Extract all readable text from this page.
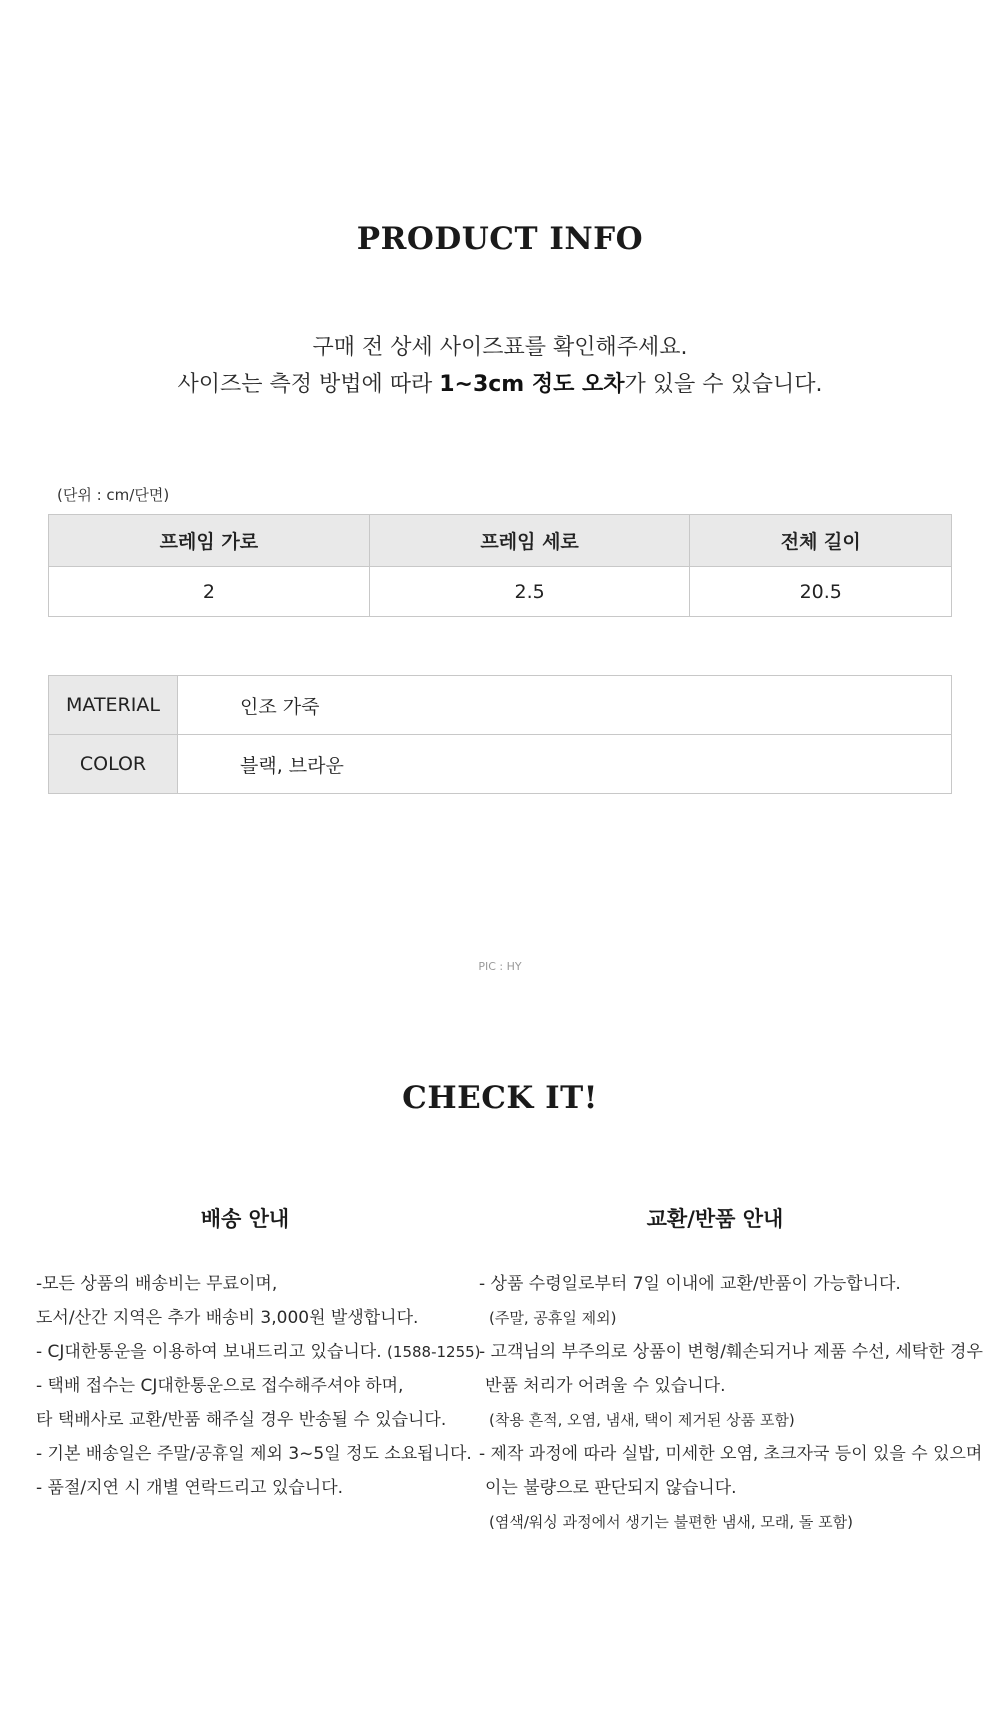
PRODUCT INFO

구매 전 상세 사이즈표를 확인해주세요.

사이즈는 측정 방법에 따라 1~3cm 정도 오차가 있을 수 있습니다.

(단위 : cm/단면)
프레임 가로	프레임 세로	전체 길이
2	2.5	20.5
MATERIAL	인조 가죽
COLOR	블랙, 브라운
PIC : HY
CHECK IT!
배송 안내	교환/반품 안내
-모든 상품의 배송비는 무료이며,
도서/산간 지역은 추가 배송비 3,000원 발생합니다.
- CJ대한통운을 이용하여 보내드리고 있습니다. (1588-1255)
- 택배 접수는 CJ대한통운으로 접수해주셔야 하며,
타 택배사로 교환/반품 해주실 경우 반송될 수 있습니다.
- 기본 배송일은 주말/공휴일 제외 3~5일 정도 소요됩니다.
- 품절/지연 시 개별 연락드리고 있습니다.
- 상품 수령일로부터 7일 이내에 교환/반품이 가능합니다.
(주말, 공휴일 제외)
- 고객님의 부주의로 상품이 변형/훼손되거나 제품 수선, 세탁한 경우
반품 처리가 어려울 수 있습니다.
(착용 흔적, 오염, 냄새, 택이 제거된 상품 포함)
- 제작 과정에 따라 실밥, 미세한 오염, 초크자국 등이 있을 수 있으며
이는 불량으로 판단되지 않습니다.
(염색/워싱 과정에서 생기는 불편한 냄새, 모래, 돌 포함)
